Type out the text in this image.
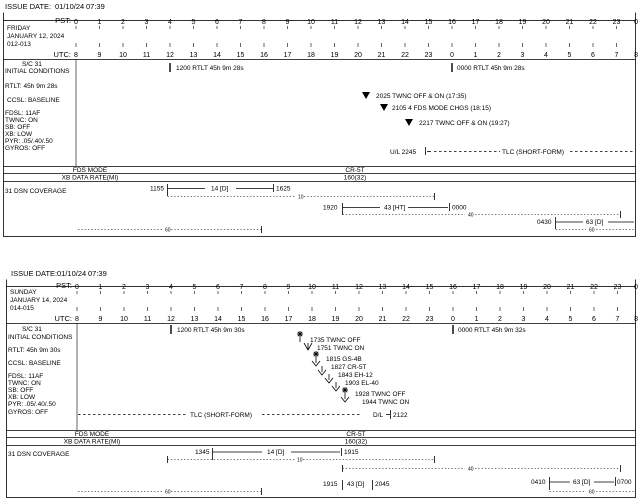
ISSUE DATE: 01/10/24 07:39
PST: 0	1	2	3	4	5	6	7	8	9	10 11 12 13 14 15 16 17 18 19 20 21 22 23 0
FRIDAY
JANUARY 12, 2024
012-013
UTC: 8	9	10 11 12 13 14 15 16 17 18 19 20 21 22 23	0	1	2	3	4	5	6	7 8
S/C 31
INITIAL CONDITIONS
RTLT: 45h 9m 28s
CCSL: BASELINE
FDSL: 11AF
TWNC: ON
SB: OFF
XB: LOW
PYR: .05/.40/.50
GYROS: OFF
1200 RTLT 45h 9m 28s	0000 RTLT 45h 9m 28s
2025 TWNC OFF & ON (17:35)
2105 4 FDS MODE CHGS (18:15)
2217 TWNC OFF & ON (19:27)
U/L 2245	TLC (SHORT-FORM)
FDS MODE	CR-5T
XB DATA RATE(MI)	160(32)
31 DSN COVERAGE	1155	14 [D]	1625
10
1920	43 [HT]	0000
40
0430	63 [D]
60
60
ISSUE DATE: 01/10/24 07:39
PST: 0	1	2	3	4	5	6	7	8	9	10 11 12 13 14 15 16 17 18 19 20 21 22 23 0
SUNDAY
JANUARY 14, 2024
014-015
UTC: 8	9	10 11 12 13 14 15 16 17 18 19 20 21 22 23	0	1	2	3	4	5	6	7 8
S/C 31
INITIAL CONDITIONS
RTLT: 45h 9m 30s
CCSL: BASELINE
FDSL: 11AF
TWNC: ON
SB: OFF
XB: LOW
PYR: .05/.40/.50
GYROS: OFF
1200 RTLT 45h 9m 30s	0000 RTLT 45h 9m 32s
1735 TWNC OFF
1751 TWNC ON
1815 GS-4B
1827 CR-5T
1843 EH-12
1903 EL-40
1928 TWNC OFF
1944 TWNC ON
TLC (SHORT-FORM)	D/L 2122
FDS MODE	CR-5T
XB DATA RATE(MI)	160(32)
31 DSN COVERAGE	1345	14 [D]	1915
10
40
1915 43 [D] 2045	0410	63 [D]	0700
60
60
